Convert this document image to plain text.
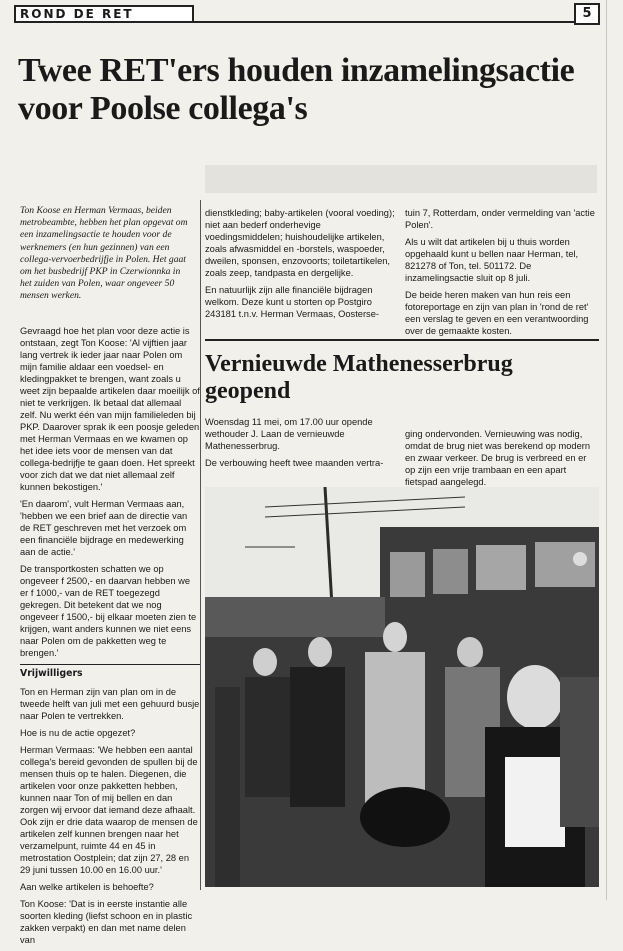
ROND DE RET	5
Twee RET'ers houden inzamelingsactie voor Poolse collega's

Ton Koose en Herman Vermaas, beiden metrobeambte, hebben het plan opgevat om een inzamelingsactie te houden voor de werknemers (en hun gezinnen) van een collega-vervoerbedrijfje in Polen. Het gaat om het busbedrijf PKP in Czerwionnka in het zuiden van Polen, waar ongeveer 50 mensen werken.

Gevraagd hoe het plan voor deze actie is ontstaan, zegt Ton Koose: 'Al vijftien jaar lang vertrek ik ieder jaar naar Polen om mijn familie aldaar een voedsel- en kledingpakket te brengen, want zoals u weet zijn bepaalde artikelen daar moeilijk of niet te verkrijgen. Ik betaal dat allemaal zelf. Nu werkt één van mijn familieleden bij PKP. Daarover sprak ik een poosje geleden met Herman Vermaas en we kwamen op het idee iets voor de mensen van dat collega-bedrijfje te gaan doen. Het spreekt voor zich dat we dat niet allemaal zelf kunnen bekostigen.'

'En daarom', vult Herman Vermaas aan, 'hebben we een brief aan de directie van de RET geschreven met het verzoek om een financiële bijdrage en medewerking aan de actie.'

De transportkosten schatten we op ongeveer f 2500,- en daarvan hebben we er f 1000,- van de RET toegezegd gekregen. Dit betekent dat we nog ongeveer f 1500,- bij elkaar moeten zien te krijgen, want anders kunnen we niet eens naar Polen om de pakketten weg te brengen.'

Vrijwilligers

Ton en Herman zijn van plan om in de tweede helft van juli met een gehuurd busje naar Polen te vertrekken.

Hoe is nu de actie opgezet?

Herman Vermaas: 'We hebben een aantal collega's bereid gevonden de spullen bij de mensen thuis op te halen. Diegenen, die artikelen voor onze pakketten hebben, kunnen naar Ton of mij bellen en dan zorgen wij ervoor dat iemand deze afhaalt. Ook zijn er drie data waarop de mensen de artikelen zelf kunnen brengen naar het verzamelpunt, ruimte 44 en 45 in metrostation Oostplein; dat zijn 27, 28 en 29 juni tussen 10.00 en 16.00 uur.'

Aan welke artikelen is behoefte?

Ton Koose: 'Dat is in eerste instantie alle soorten kleding (liefst schoon en in plastic zakken verpakt) en dan met name delen van

dienstkleding; baby-artikelen (vooral voeding); niet aan bederf onderhevige voedingsmiddelen; huishoudelijke artikelen, zoals afwasmiddel en -borstels, waspoeder, dweilen, sponsen, enzovoorts; toiletartikelen, zoals zeep, tandpasta en dergelijke.

En natuurlijk zijn alle financiële bijdragen welkom. Deze kunt u storten op Postgiro 243181 t.n.v. Herman Vermaas, Oosterse-

tuin 7, Rotterdam, onder vermelding van 'actie Polen'.

Als u wilt dat artikelen bij u thuis worden opgehaald kunt u bellen naar Herman, tel, 821278 of Ton, tel. 501172. De inzamelingsactie sluit op 8 juli.

De beide heren maken van hun reis een fotoreportage en zijn van plan in 'rond de ret' een verslag te geven en een verantwoording over de gemaakte kosten.

Vernieuwde Mathenesserbrug geopend

Woensdag 11 mei, om 17.00 uur opende wethouder J. Laan de vernieuwde Mathenesserbrug.

De verbouwing heeft twee maanden vertra-

ging ondervonden. Vernieuwing was nodig, omdat de brug niet was berekend op modern en zwaar verkeer. De brug is verbreed en er op zijn een vrije trambaan en een apart fietspad aangelegd.
